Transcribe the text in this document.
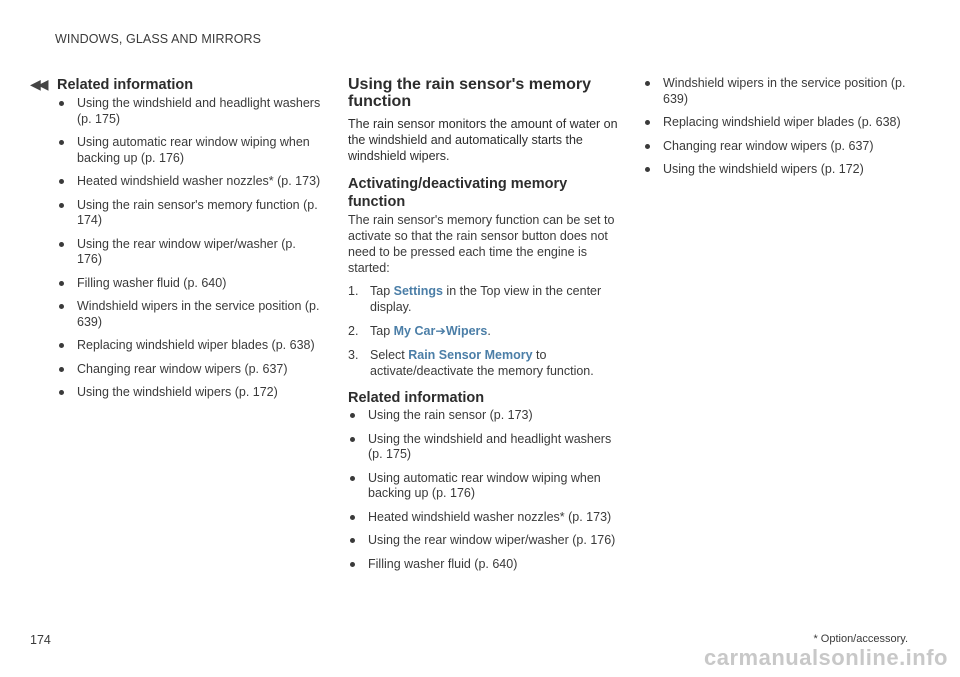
WINDOWS, GLASS AND MIRRORS
◀◀ Related information
Using the windshield and headlight washers (p. 175)
Using automatic rear window wiping when backing up (p. 176)
Heated windshield washer nozzles* (p. 173)
Using the rain sensor's memory function (p. 174)
Using the rear window wiper/washer (p. 176)
Filling washer fluid (p. 640)
Windshield wipers in the service position (p. 639)
Replacing windshield wiper blades (p. 638)
Changing rear window wipers (p. 637)
Using the windshield wipers (p. 172)
Using the rain sensor's memory function
The rain sensor monitors the amount of water on the windshield and automatically starts the windshield wipers.
Activating/deactivating memory function
The rain sensor's memory function can be set to activate so that the rain sensor button does not need to be pressed each time the engine is started:
1. Tap Settings in the Top view in the center display.
2. Tap My Car➔Wipers.
3. Select Rain Sensor Memory to activate/deactivate the memory function.
Related information
Using the rain sensor (p. 173)
Using the windshield and headlight washers (p. 175)
Using automatic rear window wiping when backing up (p. 176)
Heated windshield washer nozzles* (p. 173)
Using the rear window wiper/washer (p. 176)
Filling washer fluid (p. 640)
Windshield wipers in the service position (p. 639)
Replacing windshield wiper blades (p. 638)
Changing rear window wipers (p. 637)
Using the windshield wipers (p. 172)
174	* Option/accessory.
carmanualsonline.info
